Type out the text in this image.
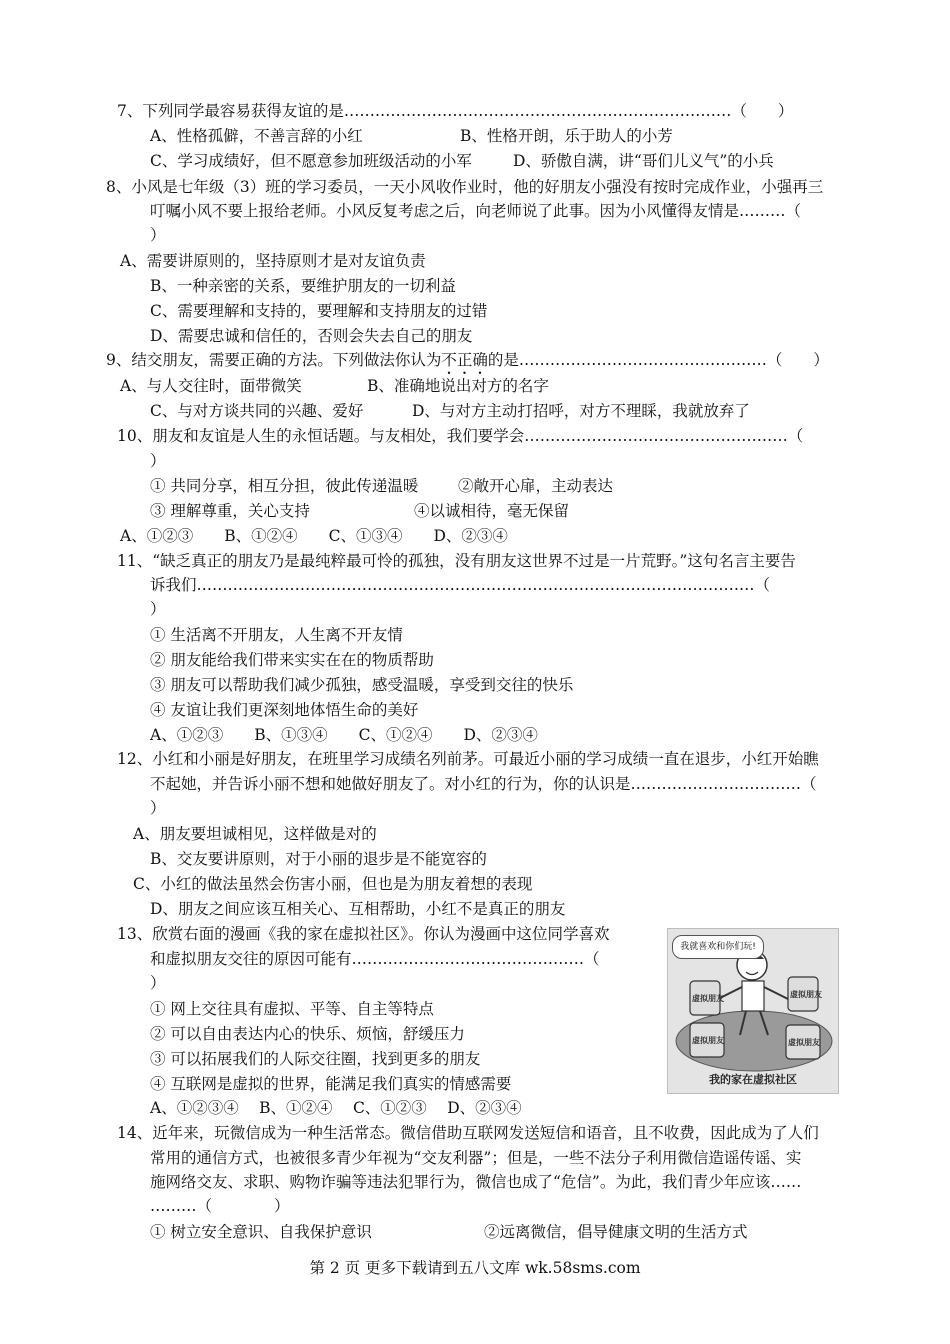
7、下列同学最容易获得友谊的是…………………………………………………………………（　　）
A、性格孤僻，不善言辞的小红	B、性格开朗，乐于助人的小芳
C、学习成绩好，但不愿意参加班级活动的小军	D、骄傲自满，讲“哥们儿义气”的小兵
8、小风是七年级（3）班的学习委员，一天小风收作业时，他的好朋友小强没有按时完成作业，小强再三
叮嘱小风不要上报给老师。小风反复考虑之后，向老师说了此事。因为小风懂得友情是………（
）
A、需要讲原则的，坚持原则才是对友谊负责
B、一种亲密的关系，要维护朋友的一切利益
C、需要理解和支持的，要理解和支持朋友的过错
D、需要忠诚和信任的，否则会失去自己的朋友
9、结交朋友，需要正确的方法。下列做法你认为不正确的是…………………………………………（　　）
A、与人交往时，面带微笑	B、准确地说出对方的名字
C、与对方谈共同的兴趣、爱好	D、与对方主动打招呼，对方不理睬，我就放弃了
10、朋友和友谊是人生的永恒话题。与友相处，我们要学会……………………………………………（
）
① 共同分享，相互分担，彼此传递温暖	②敞开心扉，主动表达
③ 理解尊重，关心支持	④以诚相待，毫无保留
A、①②③　　B、①②④　　C、①③④　　D、②③④
11、“缺乏真正的朋友乃是最纯粹最可怜的孤独，没有朋友这世界不过是一片荒野。”这句名言主要告
诉我们………………………………………………………………………………………………（
）
① 生活离不开朋友，人生离不开友情
② 朋友能给我们带来实实在在的物质帮助
③ 朋友可以帮助我们减少孤独，感受温暖，享受到交往的快乐
④ 友谊让我们更深刻地体悟生命的美好
A、①②③　　B、①③④　　C、①②④　　D、②③④
12、小红和小丽是好朋友，在班里学习成绩名列前茅。可最近小丽的学习成绩一直在退步，小红开始瞧
不起她，并告诉小丽不想和她做好朋友了。对小红的行为，你的认识是……………………………（
）
A、朋友要坦诚相见，这样做是对的
B、交友要讲原则，对于小丽的退步是不能宽容的
C、小红的做法虽然会伤害小丽，但也是为朋友着想的表现
D、朋友之间应该互相关心、互相帮助，小红不是真正的朋友
13、欣赏右面的漫画《我的家在虚拟社区》。你认为漫画中这位同学喜欢
和虚拟朋友交往的原因可能有………………………………………（
）
① 网上交往具有虚拟、平等、自主等特点
② 可以自由表达内心的快乐、烦恼，舒缓压力
③ 可以拓展我们的人际交往圈，找到更多的朋友
④ 互联网是虚拟的世界，能满足我们真实的情感需要
A、①②③④　 B、①②④　 C、①②③　 D、②③④
我就喜欢和你们玩!
虚拟朋友	虚拟朋友
虚拟朋友	虚拟朋友
我的家在虚拟社区
14、近年来，玩微信成为一种生活常态。微信借助互联网发送短信和语音，且不收费，因此成为了人们
常用的通信方式，也被很多青少年视为“交友利器”；但是，一些不法分子利用微信造谣传谣、实
施网络交友、求职、购物诈骗等违法犯罪行为，微信也成了“危信”。为此，我们青少年应该……
………（　　　　）
① 树立安全意识、自我保护意识	②远离微信，倡导健康文明的生活方式
第 2 页 更多下载请到五八文库 wk.58sms.com
